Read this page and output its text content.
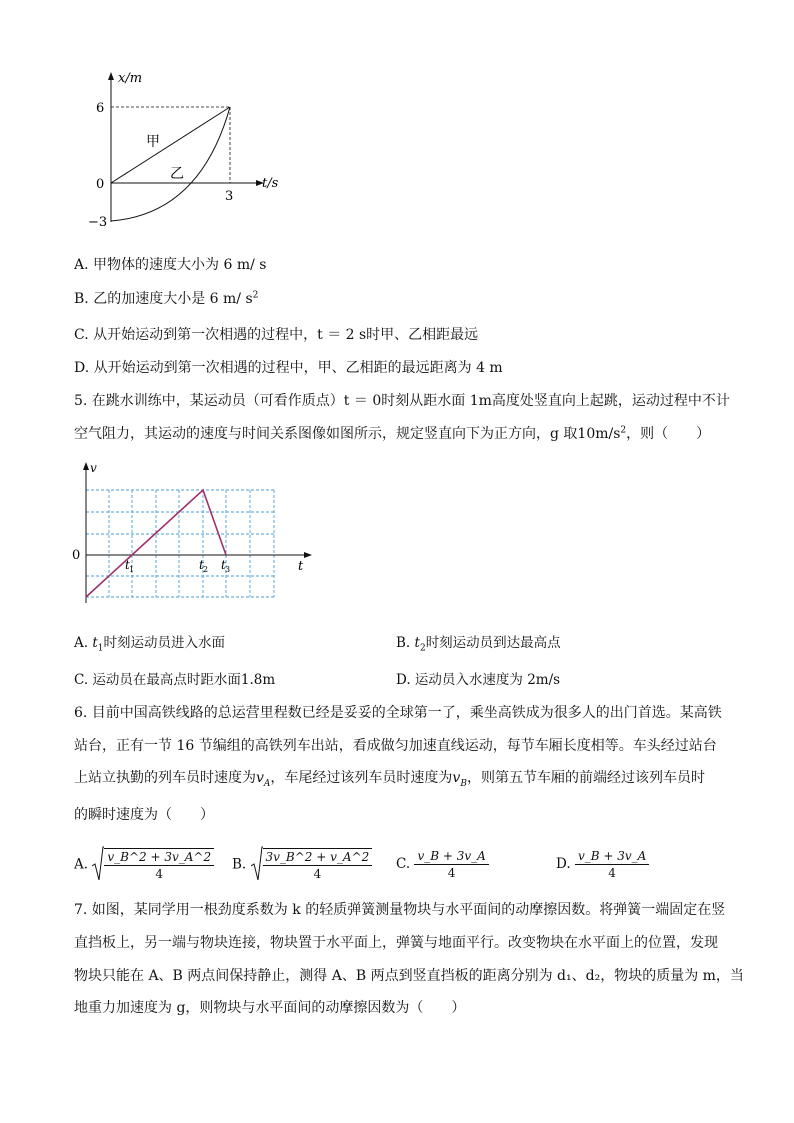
x/m
t/s
6
0
−3
3
甲
乙
A. 甲物体的速度大小为 6 m/ s
B. 乙的加速度大小是 6 m/ $s^2$
C. 从开始运动到第一次相遇的过程中，t ＝ 2 s时甲、乙相距最远
D. 从开始运动到第一次相遇的过程中，甲、乙相距的最远距离为 4 m
5. 在跳水训练中，某运动员（可看作质点）t ＝ 0时刻从距水面 1m高度处竖直向上起跳，运动过程中不计
空气阻力，其运动的速度与时间关系图像如图所示，规定竖直向下为正方向，g 取$10m/s^2$，则（　　）
v
t
0
t 1	t 2 t 3
A. $t_1$时刻运动员进入水面	B. $t_2$时刻运动员到达最高点
C. 运动员在最高点时距水面1.8m	D. 运动员入水速度为 2m/s
6. 目前中国高铁线路的总运营里程数已经是妥妥的全球第一了，乘坐高铁成为很多人的出门首选。某高铁
站台，正有一节 16 节编组的高铁列车出站，看成做匀加速直线运动，每节车厢长度相等。车头经过站台
上站立执勤的列车员时速度为$v_A$，车尾经过该列车员时速度为$v_B$，则第五节车厢的前端经过该列车员时
的瞬时速度为（　　）
A. $\frac{v\_B\^{}2 + 3v\_A\^{}2}{4} B$. $\frac{3v\_B\^{}2 + v\_A\^{}2}{4} C$. $\frac{v\_B + 3v\_A}{4}$	D. $\frac{v\_B + 3v\_A}{4}$
7. 如图，某同学用一根劲度系数为 k 的轻质弹簧测量物块与水平面间的动摩擦因数。将弹簧一端固定在竖
直挡板上，另一端与物块连接，物块置于水平面上，弹簧与地面平行。改变物块在水平面上的位置，发现
物块只能在 A、B 两点间保持静止，测得 A、B 两点到竖直挡板的距离分别为 d₁、d₂，物块的质量为 m，当
地重力加速度为 g，则物块与水平面间的动摩擦因数为（　　）
